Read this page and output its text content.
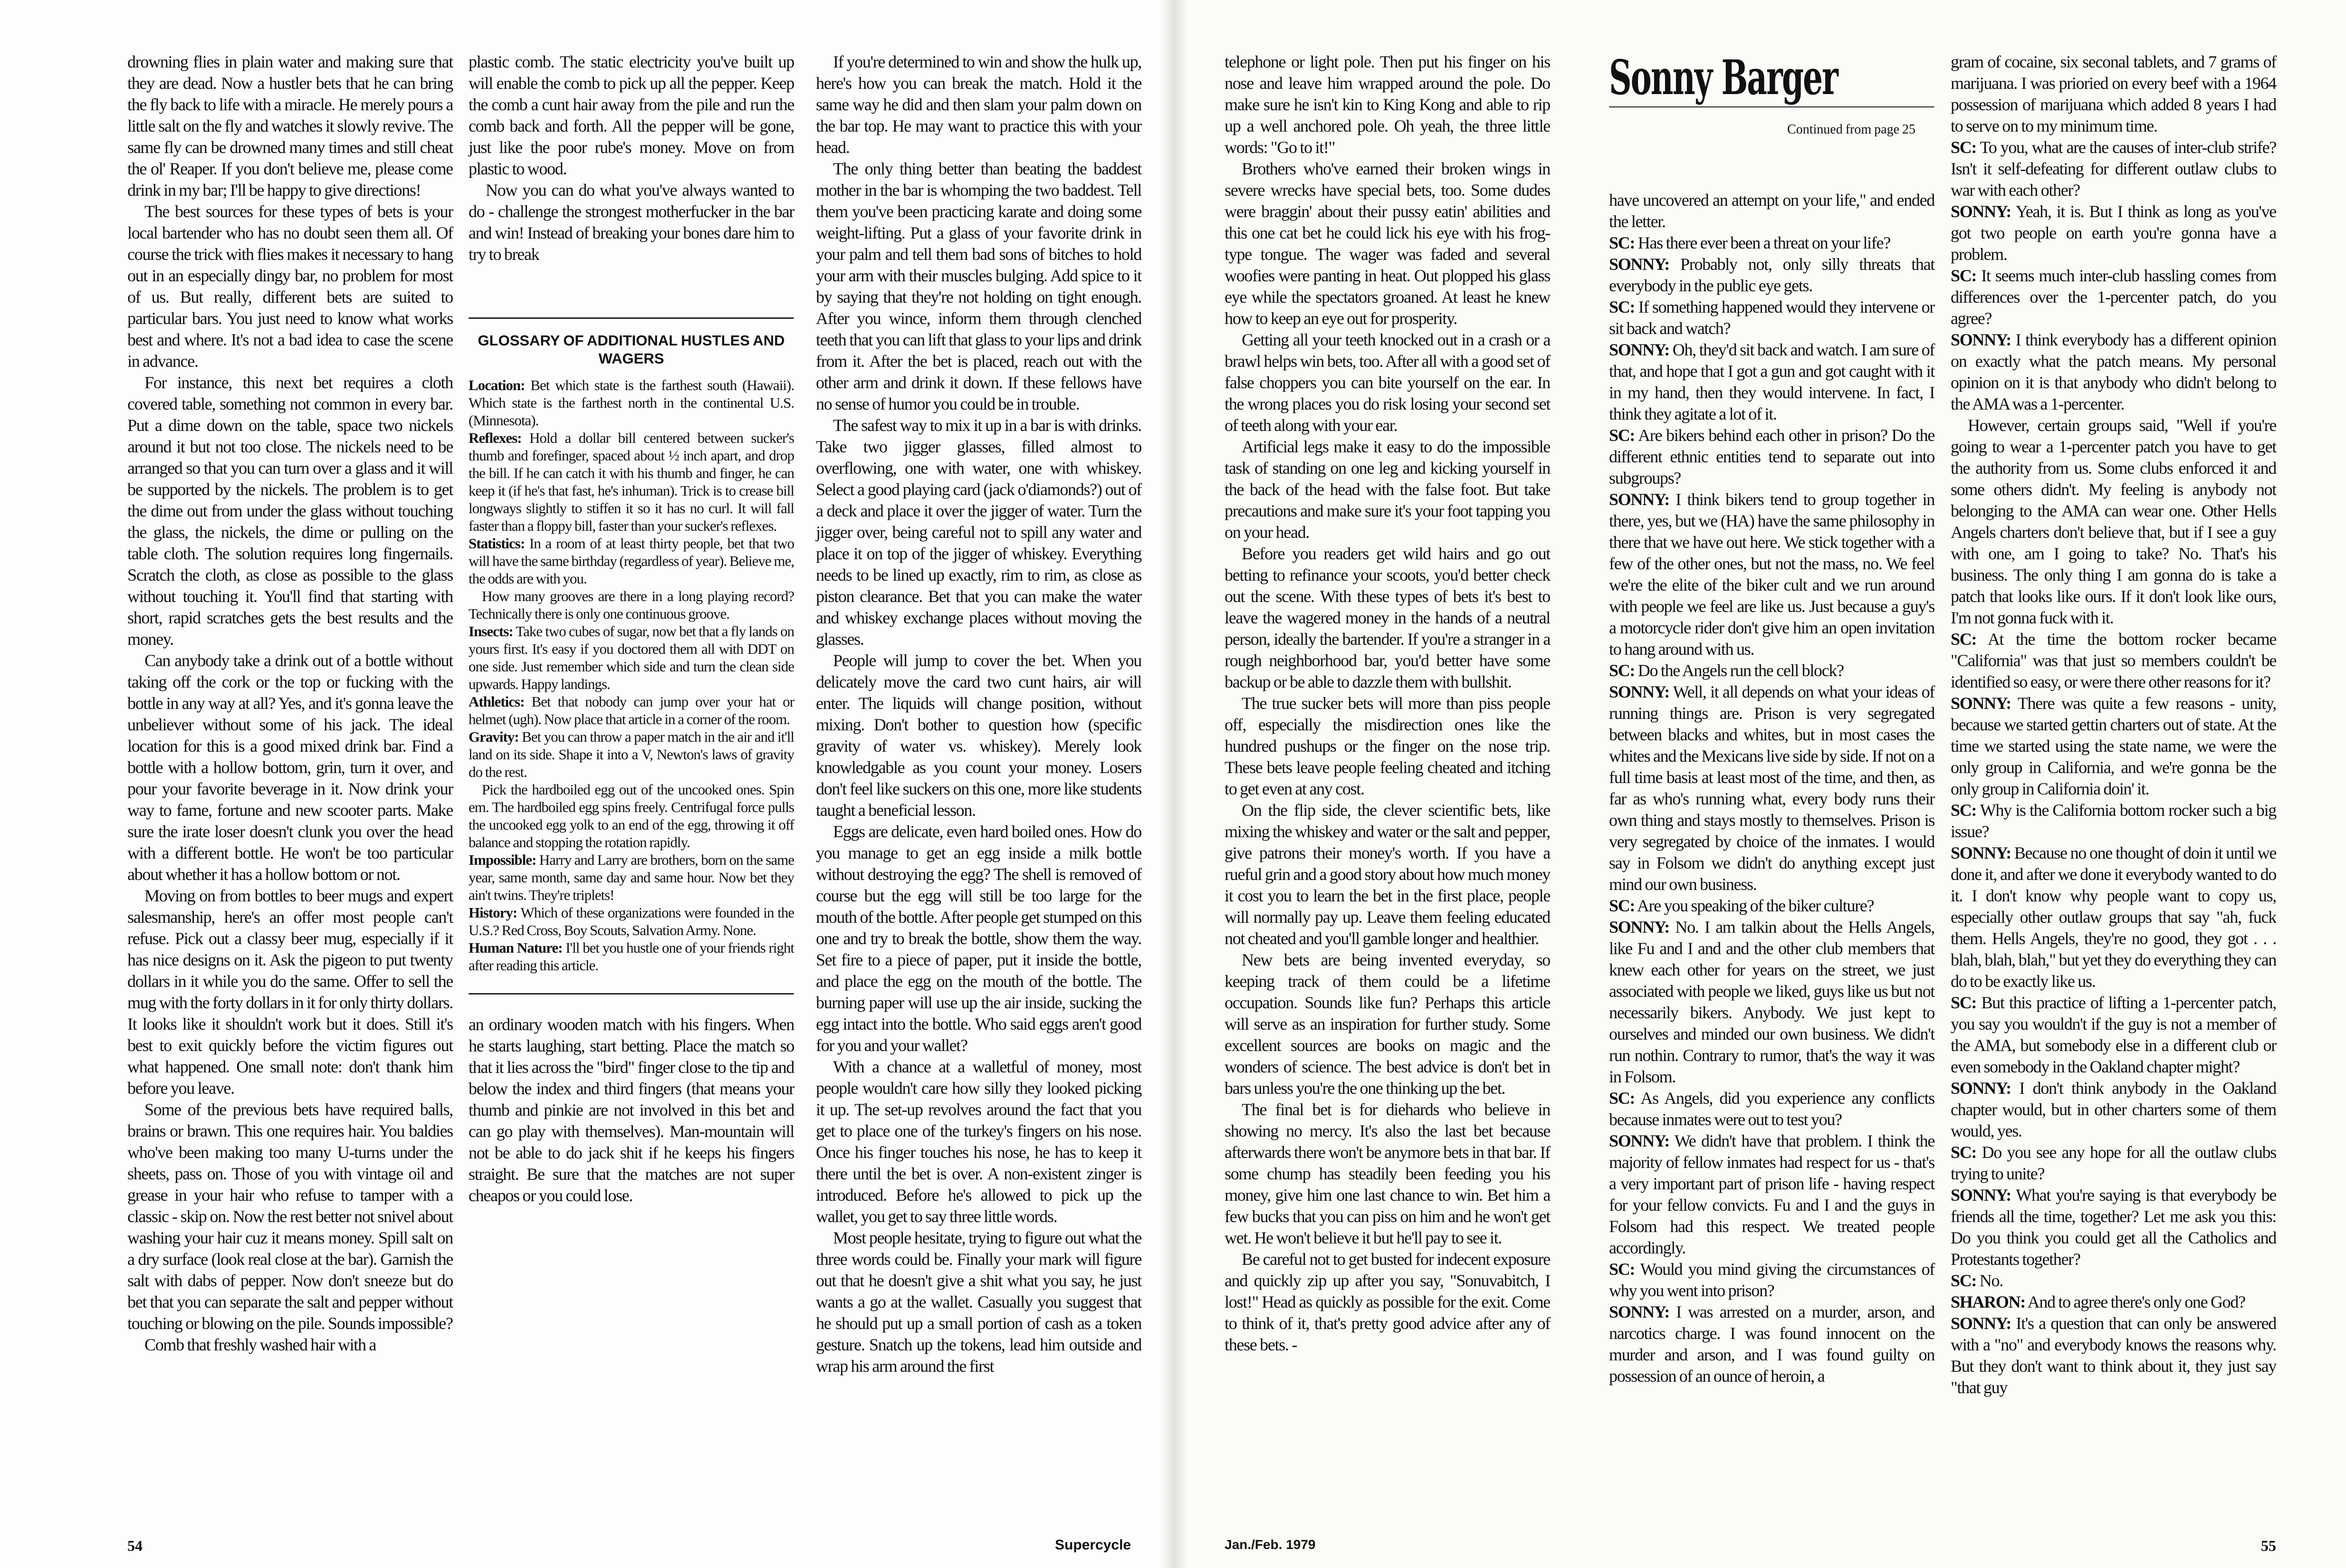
drowning flies in plain water and making sure that they are dead. Now a hustler bets that he can bring the fly back to life with a miracle. He merely pours a little salt on the fly and watches it slowly revive. The same fly can be drowned many times and still cheat the ol' Reaper. If you don't believe me, please come drink in my bar; I'll be happy to give directions!

The best sources for these types of bets is your local bartender who has no doubt seen them all. Of course the trick with flies makes it necessary to hang out in an especially dingy bar, no problem for most of us. But really, different bets are suited to particular bars. You just need to know what works best and where. It's not a bad idea to case the scene in advance.

For instance, this next bet requires a cloth covered table, something not common in every bar. Put a dime down on the table, space two nickels around it but not too close. The nickels need to be arranged so that you can turn over a glass and it will be supported by the nickels. The problem is to get the dime out from under the glass without touching the glass, the nickels, the dime or pulling on the table cloth. The solution requires long fingernails. Scratch the cloth, as close as possible to the glass without touching it. You'll find that starting with short, rapid scratches gets the best results and the money.

Can anybody take a drink out of a bottle without taking off the cork or the top or fucking with the bottle in any way at all? Yes, and it's gonna leave the unbeliever without some of his jack. The ideal location for this is a good mixed drink bar. Find a bottle with a hollow bottom, grin, turn it over, and pour your favorite beverage in it. Now drink your way to fame, fortune and new scooter parts. Make sure the irate loser doesn't clunk you over the head with a different bottle. He won't be too particular about whether it has a hollow bottom or not.

Moving on from bottles to beer mugs and expert salesmanship, here's an offer most people can't refuse. Pick out a classy beer mug, especially if it has nice designs on it. Ask the pigeon to put twenty dollars in it while you do the same. Offer to sell the mug with the forty dollars in it for only thirty dollars. It looks like it shouldn't work but it does. Still it's best to exit quickly before the victim figures out what happened. One small note: don't thank him before you leave.

Some of the previous bets have required balls, brains or brawn. This one requires hair. You baldies who've been making too many U-turns under the sheets, pass on. Those of you with vintage oil and grease in your hair who refuse to tamper with a classic - skip on. Now the rest better not snivel about washing your hair cuz it means money. Spill salt on a dry surface (look real close at the bar). Garnish the salt with dabs of pepper. Now don't sneeze but do bet that you can separate the salt and pepper without touching or blowing on the pile. Sounds impossible?

Comb that freshly washed hair with a

plastic comb. The static electricity you've built up will enable the comb to pick up all the pepper. Keep the comb a cunt hair away from the pile and run the comb back and forth. All the pepper will be gone, just like the poor rube's money. Move on from plastic to wood.

Now you can do what you've always wanted to do - challenge the strongest motherfucker in the bar and win! Instead of breaking your bones dare him to try to break

GLOSSARY OF ADDITIONAL HUSTLES AND WAGERS

Location: Bet which state is the farthest south (Hawaii). Which state is the farthest north in the continental U.S. (Minnesota).

Reflexes: Hold a dollar bill centered between sucker's thumb and forefinger, spaced about ½ inch apart, and drop the bill. If he can catch it with his thumb and finger, he can keep it (if he's that fast, he's inhuman). Trick is to crease bill longways slightly to stiffen it so it has no curl. It will fall faster than a floppy bill, faster than your sucker's reflexes.

Statistics: In a room of at least thirty people, bet that two will have the same birthday (regardless of year). Believe me, the odds are with you.

How many grooves are there in a long playing record? Technically there is only one continuous groove.

Insects: Take two cubes of sugar, now bet that a fly lands on yours first. It's easy if you doctored them all with DDT on one side. Just remember which side and turn the clean side upwards. Happy landings.

Athletics: Bet that nobody can jump over your hat or helmet (ugh). Now place that article in a corner of the room.

Gravity: Bet you can throw a paper match in the air and it'll land on its side. Shape it into a V, Newton's laws of gravity do the rest.

Pick the hardboiled egg out of the uncooked ones. Spin em. The hardboiled egg spins freely. Centrifugal force pulls the uncooked egg yolk to an end of the egg, throwing it off balance and stopping the rotation rapidly.

Impossible: Harry and Larry are brothers, born on the same year, same month, same day and same hour. Now bet they ain't twins. They're triplets!

History: Which of these organizations were founded in the U.S.? Red Cross, Boy Scouts, Salvation Army. None.

Human Nature: I'll bet you hustle one of your friends right after reading this article.

an ordinary wooden match with his fingers. When he starts laughing, start betting. Place the match so that it lies across the "bird" finger close to the tip and below the index and third fingers (that means your thumb and pinkie are not involved in this bet and can go play with themselves). Man-mountain will not be able to do jack shit if he keeps his fingers straight. Be sure that the matches are not super cheapos or you could lose.

If you're determined to win and show the hulk up, here's how you can break the match. Hold it the same way he did and then slam your palm down on the bar top. He may want to practice this with your head.

The only thing better than beating the baddest mother in the bar is whomping the two baddest. Tell them you've been practicing karate and doing some weight-lifting. Put a glass of your favorite drink in your palm and tell them bad sons of bitches to hold your arm with their muscles bulging. Add spice to it by saying that they're not holding on tight enough. After you wince, inform them through clenched teeth that you can lift that glass to your lips and drink from it. After the bet is placed, reach out with the other arm and drink it down. If these fellows have no sense of humor you could be in trouble.

The safest way to mix it up in a bar is with drinks. Take two jigger glasses, filled almost to overflowing, one with water, one with whiskey. Select a good playing card (jack o'diamonds?) out of a deck and place it over the jigger of water. Turn the jigger over, being careful not to spill any water and place it on top of the jigger of whiskey. Everything needs to be lined up exactly, rim to rim, as close as piston clearance. Bet that you can make the water and whiskey exchange places without moving the glasses.

People will jump to cover the bet. When you delicately move the card two cunt hairs, air will enter. The liquids will change position, without mixing. Don't bother to question how (specific gravity of water vs. whiskey). Merely look knowledgable as you count your money. Losers don't feel like suckers on this one, more like students taught a beneficial lesson.

Eggs are delicate, even hard boiled ones. How do you manage to get an egg inside a milk bottle without destroying the egg? The shell is removed of course but the egg will still be too large for the mouth of the bottle. After people get stumped on this one and try to break the bottle, show them the way. Set fire to a piece of paper, put it inside the bottle, and place the egg on the mouth of the bottle. The burning paper will use up the air inside, sucking the egg intact into the bottle. Who said eggs aren't good for you and your wallet?

With a chance at a walletful of money, most people wouldn't care how silly they looked picking it up. The set-up revolves around the fact that you get to place one of the turkey's fingers on his nose. Once his finger touches his nose, he has to keep it there until the bet is over. A non-existent zinger is introduced. Before he's allowed to pick up the wallet, you get to say three little words.

Most people hesitate, trying to figure out what the three words could be. Finally your mark will figure out that he doesn't give a shit what you say, he just wants a go at the wallet. Casually you suggest that he should put up a small portion of cash as a token gesture. Snatch up the tokens, lead him outside and wrap his arm around the first

54	Supercycle

telephone or light pole. Then put his finger on his nose and leave him wrapped around the pole. Do make sure he isn't kin to King Kong and able to rip up a well anchored pole. Oh yeah, the three little words: "Go to it!"

Brothers who've earned their broken wings in severe wrecks have special bets, too. Some dudes were braggin' about their pussy eatin' abilities and this one cat bet he could lick his eye with his frog-type tongue. The wager was faded and several woofies were panting in heat. Out plopped his glass eye while the spectators groaned. At least he knew how to keep an eye out for prosperity.

Getting all your teeth knocked out in a crash or a brawl helps win bets, too. After all with a good set of false choppers you can bite yourself on the ear. In the wrong places you do risk losing your second set of teeth along with your ear.

Artificial legs make it easy to do the impossible task of standing on one leg and kicking yourself in the back of the head with the false foot. But take precautions and make sure it's your foot tapping you on your head.

Before you readers get wild hairs and go out betting to refinance your scoots, you'd better check out the scene. With these types of bets it's best to leave the wagered money in the hands of a neutral person, ideally the bartender. If you're a stranger in a rough neighborhood bar, you'd better have some backup or be able to dazzle them with bullshit.

The true sucker bets will more than piss people off, especially the misdirection ones like the hundred pushups or the finger on the nose trip. These bets leave people feeling cheated and itching to get even at any cost.

On the flip side, the clever scientific bets, like mixing the whiskey and water or the salt and pepper, give patrons their money's worth. If you have a rueful grin and a good story about how much money it cost you to learn the bet in the first place, people will normally pay up. Leave them feeling educated not cheated and you'll gamble longer and healthier.

New bets are being invented everyday, so keeping track of them could be a lifetime occupation. Sounds like fun? Perhaps this article will serve as an inspiration for further study. Some excellent sources are books on magic and the wonders of science. The best advice is don't bet in bars unless you're the one thinking up the bet.

The final bet is for diehards who believe in showing no mercy. It's also the last bet because afterwards there won't be anymore bets in that bar. If some chump has steadily been feeding you his money, give him one last chance to win. Bet him a few bucks that you can piss on him and he won't get wet. He won't believe it but he'll pay to see it.

Be careful not to get busted for indecent exposure and quickly zip up after you say, "Sonuvabitch, I lost!" Head as quickly as possible for the exit. Come to think of it, that's pretty good advice after any of these bets. -

Sonny Barger
Continued from page 25

have uncovered an attempt on your life," and ended the letter.

SC: Has there ever been a threat on your life?

SONNY: Probably not, only silly threats that everybody in the public eye gets.

SC: If something happened would they intervene or sit back and watch?

SONNY: Oh, they'd sit back and watch. I am sure of that, and hope that I got a gun and got caught with it in my hand, then they would intervene. In fact, I think they agitate a lot of it.

SC: Are bikers behind each other in prison? Do the different ethnic entities tend to separate out into subgroups?

SONNY: I think bikers tend to group together in there, yes, but we (HA) have the same philosophy in there that we have out here. We stick together with a few of the other ones, but not the mass, no. We feel we're the elite of the biker cult and we run around with people we feel are like us. Just because a guy's a motorcycle rider don't give him an open invitation to hang around with us.

SC: Do the Angels run the cell block?

SONNY: Well, it all depends on what your ideas of running things are. Prison is very segregated between blacks and whites, but in most cases the whites and the Mexicans live side by side. If not on a full time basis at least most of the time, and then, as far as who's running what, every body runs their own thing and stays mostly to themselves. Prison is very segregated by choice of the inmates. I would say in Folsom we didn't do anything except just mind our own business.

SC: Are you speaking of the biker culture?

SONNY: No. I am talkin about the Hells Angels, like Fu and I and and the other club members that knew each other for years on the street, we just associated with people we liked, guys like us but not necessarily bikers. Anybody. We just kept to ourselves and minded our own business. We didn't run nothin. Contrary to rumor, that's the way it was in Folsom.

SC: As Angels, did you experience any conflicts because inmates were out to test you?

SONNY: We didn't have that problem. I think the majority of fellow inmates had respect for us - that's a very important part of prison life - having respect for your fellow convicts. Fu and I and the guys in Folsom had this respect. We treated people accordingly.

SC: Would you mind giving the circumstances of why you went into prison?

SONNY: I was arrested on a murder, arson, and narcotics charge. I was found innocent on the murder and arson, and I was found guilty on possession of an ounce of heroin, a

gram of cocaine, six seconal tablets, and 7 grams of marijuana. I was prioried on every beef with a 1964 possession of marijuana which added 8 years I had to serve on to my minimum time.

SC: To you, what are the causes of inter-club strife? Isn't it self-defeating for different outlaw clubs to war with each other?

SONNY: Yeah, it is. But I think as long as you've got two people on earth you're gonna have a problem.

SC: It seems much inter-club hassling comes from differences over the 1-percenter patch, do you agree?

SONNY: I think everybody has a different opinion on exactly what the patch means. My personal opinion on it is that anybody who didn't belong to the AMA was a 1-percenter.

However, certain groups said, "Well if you're going to wear a 1-percenter patch you have to get the authority from us. Some clubs enforced it and some others didn't. My feeling is anybody not belonging to the AMA can wear one. Other Hells Angels charters don't believe that, but if I see a guy with one, am I going to take? No. That's his business. The only thing I am gonna do is take a patch that looks like ours. If it don't look like ours, I'm not gonna fuck with it.

SC: At the time the bottom rocker became "California" was that just so members couldn't be identified so easy, or were there other reasons for it?

SONNY: There was quite a few reasons - unity, because we started gettin charters out of state. At the time we started using the state name, we were the only group in California, and we're gonna be the only group in California doin' it.

SC: Why is the California bottom rocker such a big issue?

SONNY: Because no one thought of doin it until we done it, and after we done it everybody wanted to do it. I don't know why people want to copy us, especially other outlaw groups that say "ah, fuck them. Hells Angels, they're no good, they got . . . blah, blah, blah," but yet they do everything they can do to be exactly like us.

SC: But this practice of lifting a 1-percenter patch, you say you wouldn't if the guy is not a member of the AMA, but somebody else in a different club or even somebody in the Oakland chapter might?

SONNY: I don't think anybody in the Oakland chapter would, but in other charters some of them would, yes.

SC: Do you see any hope for all the outlaw clubs trying to unite?

SONNY: What you're saying is that everybody be friends all the time, together? Let me ask you this: Do you think you could get all the Catholics and Protestants together?

SC: No.

SHARON: And to agree there's only one God?

SONNY: It's a question that can only be answered with a "no" and everybody knows the reasons why. But they don't want to think about it, they just say "that guy

Jan./Feb. 1979	55
